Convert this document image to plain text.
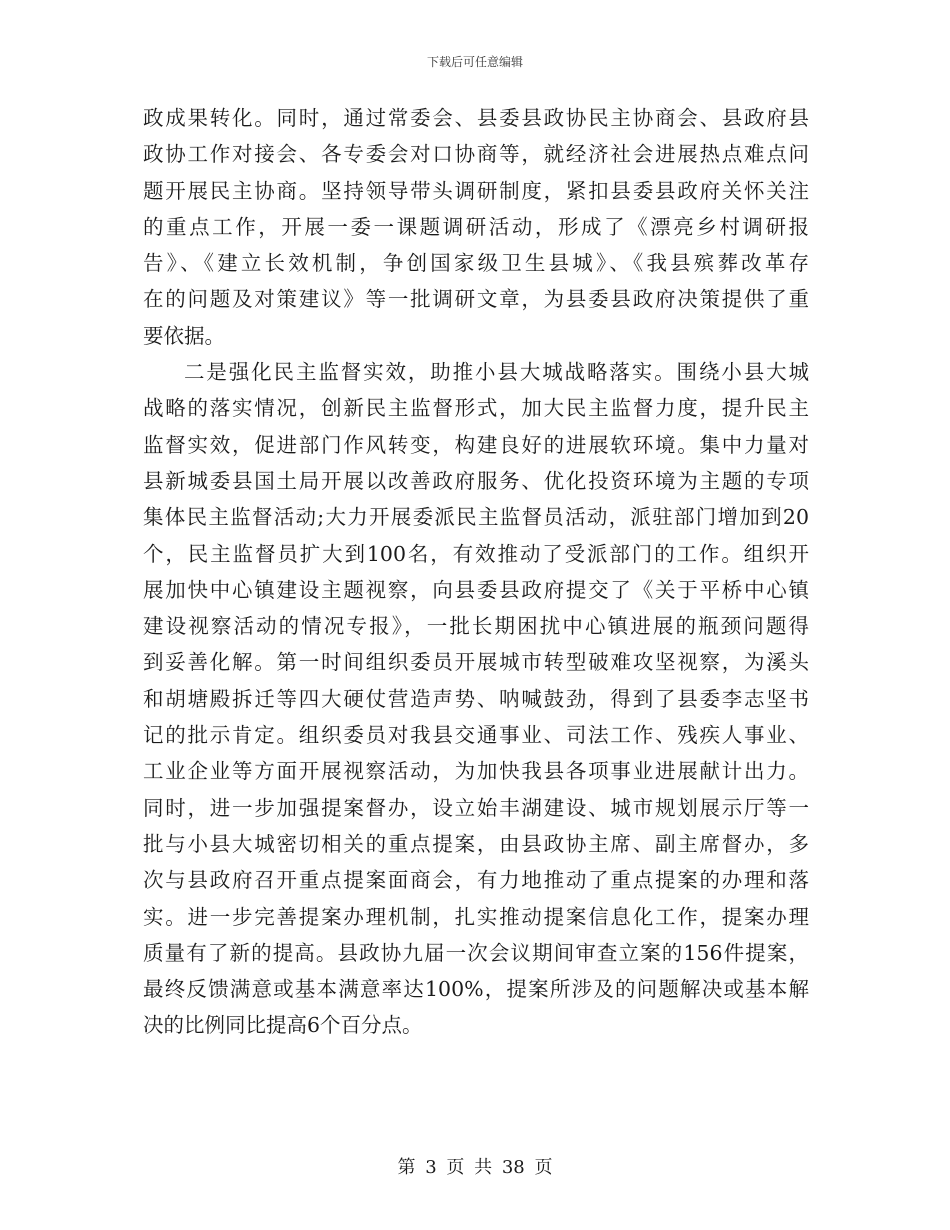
下载后可任意编辑
政成果转化。同时，通过常委会、县委县政协民主协商会、县政府县
政协工作对接会、各专委会对口协商等，就经济社会进展热点难点问
题开展民主协商。坚持领导带头调研制度，紧扣县委县政府关怀关注
的重点工作，开展一委一课题调研活动，形成了《漂亮乡村调研报
告》、《建立长效机制，争创国家级卫生县城》、《我县殡葬改革存
在的问题及对策建议》等一批调研文章，为县委县政府决策提供了重
要依据。
二是强化民主监督实效，助推小县大城战略落实。围绕小县大城
战略的落实情况，创新民主监督形式，加大民主监督力度，提升民主
监督实效，促进部门作风转变，构建良好的进展软环境。集中力量对
县新城委县国土局开展以改善政府服务、优化投资环境为主题的专项
集体民主监督活动;大力开展委派民主监督员活动，派驻部门增加到20
个，民主监督员扩大到100名，有效推动了受派部门的工作。组织开
展加快中心镇建设主题视察，向县委县政府提交了《关于平桥中心镇
建设视察活动的情况专报》，一批长期困扰中心镇进展的瓶颈问题得
到妥善化解。第一时间组织委员开展城市转型破难攻坚视察，为溪头
和胡塘殿拆迁等四大硬仗营造声势、呐喊鼓劲，得到了县委李志坚书
记的批示肯定。组织委员对我县交通事业、司法工作、残疾人事业、
工业企业等方面开展视察活动，为加快我县各项事业进展献计出力。
同时，进一步加强提案督办，设立始丰湖建设、城市规划展示厅等一
批与小县大城密切相关的重点提案，由县政协主席、副主席督办，多
次与县政府召开重点提案面商会，有力地推动了重点提案的办理和落
实。进一步完善提案办理机制，扎实推动提案信息化工作，提案办理
质量有了新的提高。县政协九届一次会议期间审查立案的156件提案，
最终反馈满意或基本满意率达100%，提案所涉及的问题解决或基本解
决的比例同比提高6个百分点。
第 3 页 共 38 页
